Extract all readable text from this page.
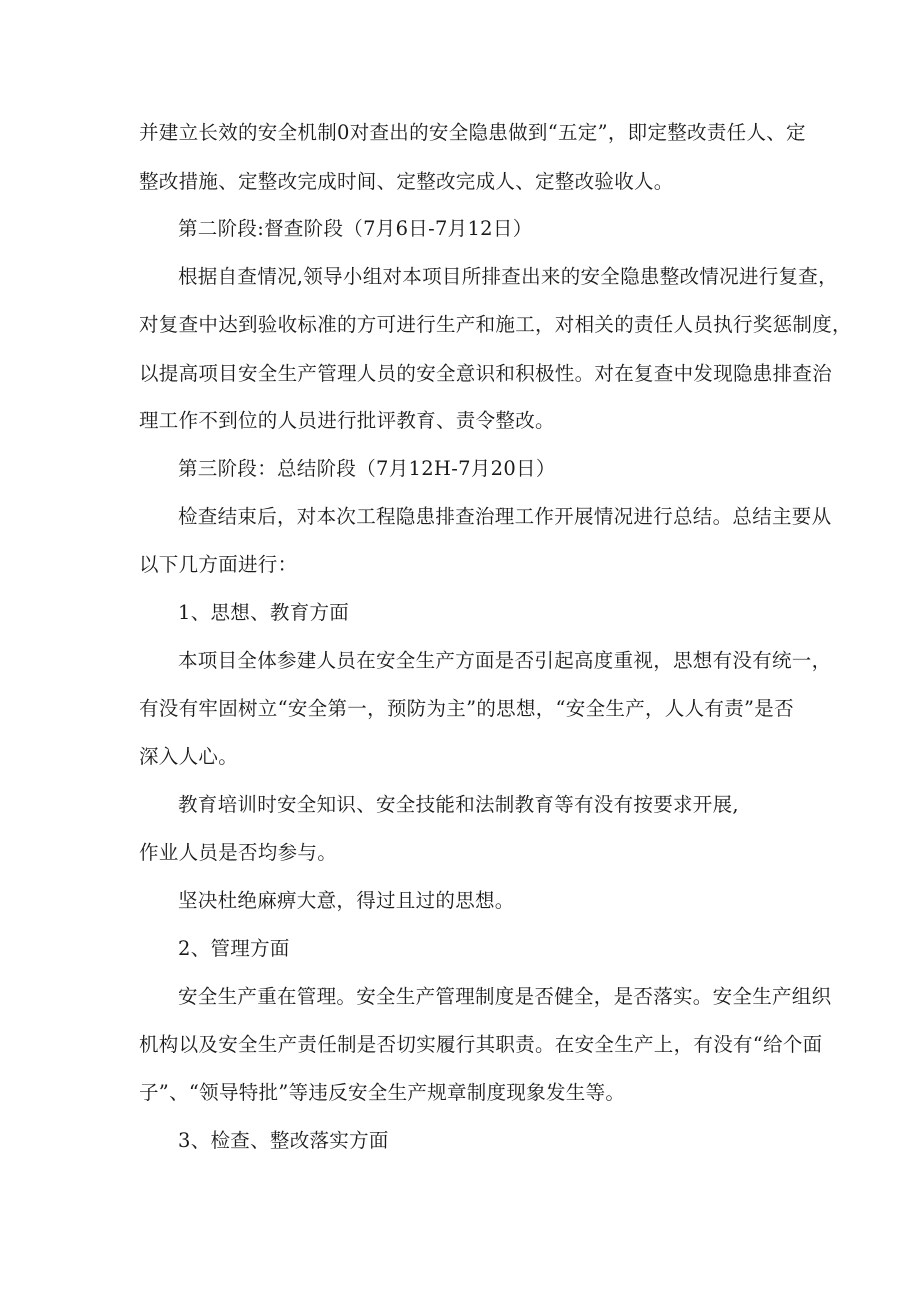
并建立长效的安全机制0对查出的安全隐患做到“五定”，即定整改责任人、定
整改措施、定整改完成时间、定整改完成人、定整改验收人。
第二阶段:督查阶段（7月6日-7月12日）
根据自查情况,领导小组对本项目所排查出来的安全隐患整改情况进行复查，
对复查中达到验收标准的方可进行生产和施工，对相关的责任人员执行奖惩制度，
以提高项目安全生产管理人员的安全意识和积极性。对在复查中发现隐患排查治
理工作不到位的人员进行批评教育、责令整改。
第三阶段：总结阶段（7月12H-7月20日）
检查结束后，对本次工程隐患排查治理工作开展情况进行总结。总结主要从
以下几方面进行：
1、思想、教育方面
本项目全体参建人员在安全生产方面是否引起高度重视，思想有没有统一，
有没有牢固树立“安全第一，预防为主”的思想，“安全生产，人人有责”是否
深入人心。
教育培训时安全知识、安全技能和法制教育等有没有按要求开展,
作业人员是否均参与。
坚决杜绝麻痹大意，得过且过的思想。
2、管理方面
安全生产重在管理。安全生产管理制度是否健全，是否落实。安全生产组织
机构以及安全生产责任制是否切实履行其职责。在安全生产上，有没有“给个面
子”、“领导特批”等违反安全生产规章制度现象发生等。
3、检查、整改落实方面
